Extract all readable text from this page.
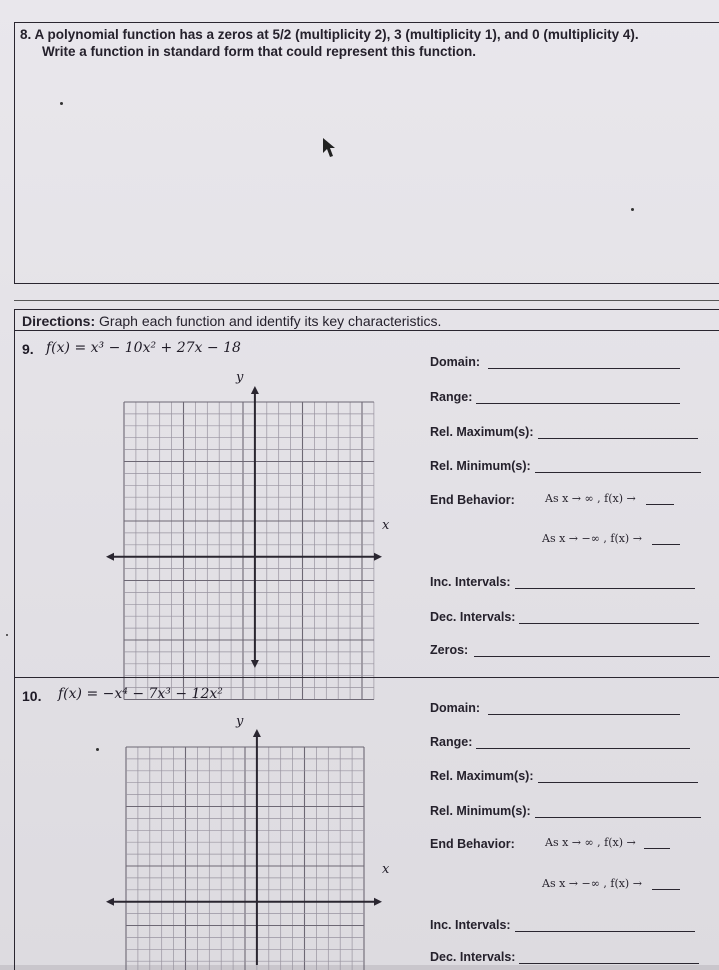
8. A polynomial function has a zeros at 5/2 (multiplicity 2), 3 (multiplicity 1), and 0 (multiplicity 4).
Write a function in standard form that could represent this function.
Directions: Graph each function and identify its key characteristics.
9. f(x) = x³ − 10x² + 27x − 18
y
x
Domain:
Range:
Rel. Maximum(s):
Rel. Minimum(s):
End Behavior:	As x → ∞ , f(x) →
As x → −∞ , f(x) →
Inc. Intervals:
Dec. Intervals:
Zeros:
10. f(x) = −x⁴ − 7x³ − 12x²
y
x
Domain:
Range:
Rel. Maximum(s):
Rel. Minimum(s):
End Behavior:	As x → ∞ , f(x) →
As x → −∞ , f(x) →
Inc. Intervals:
Dec. Intervals:
